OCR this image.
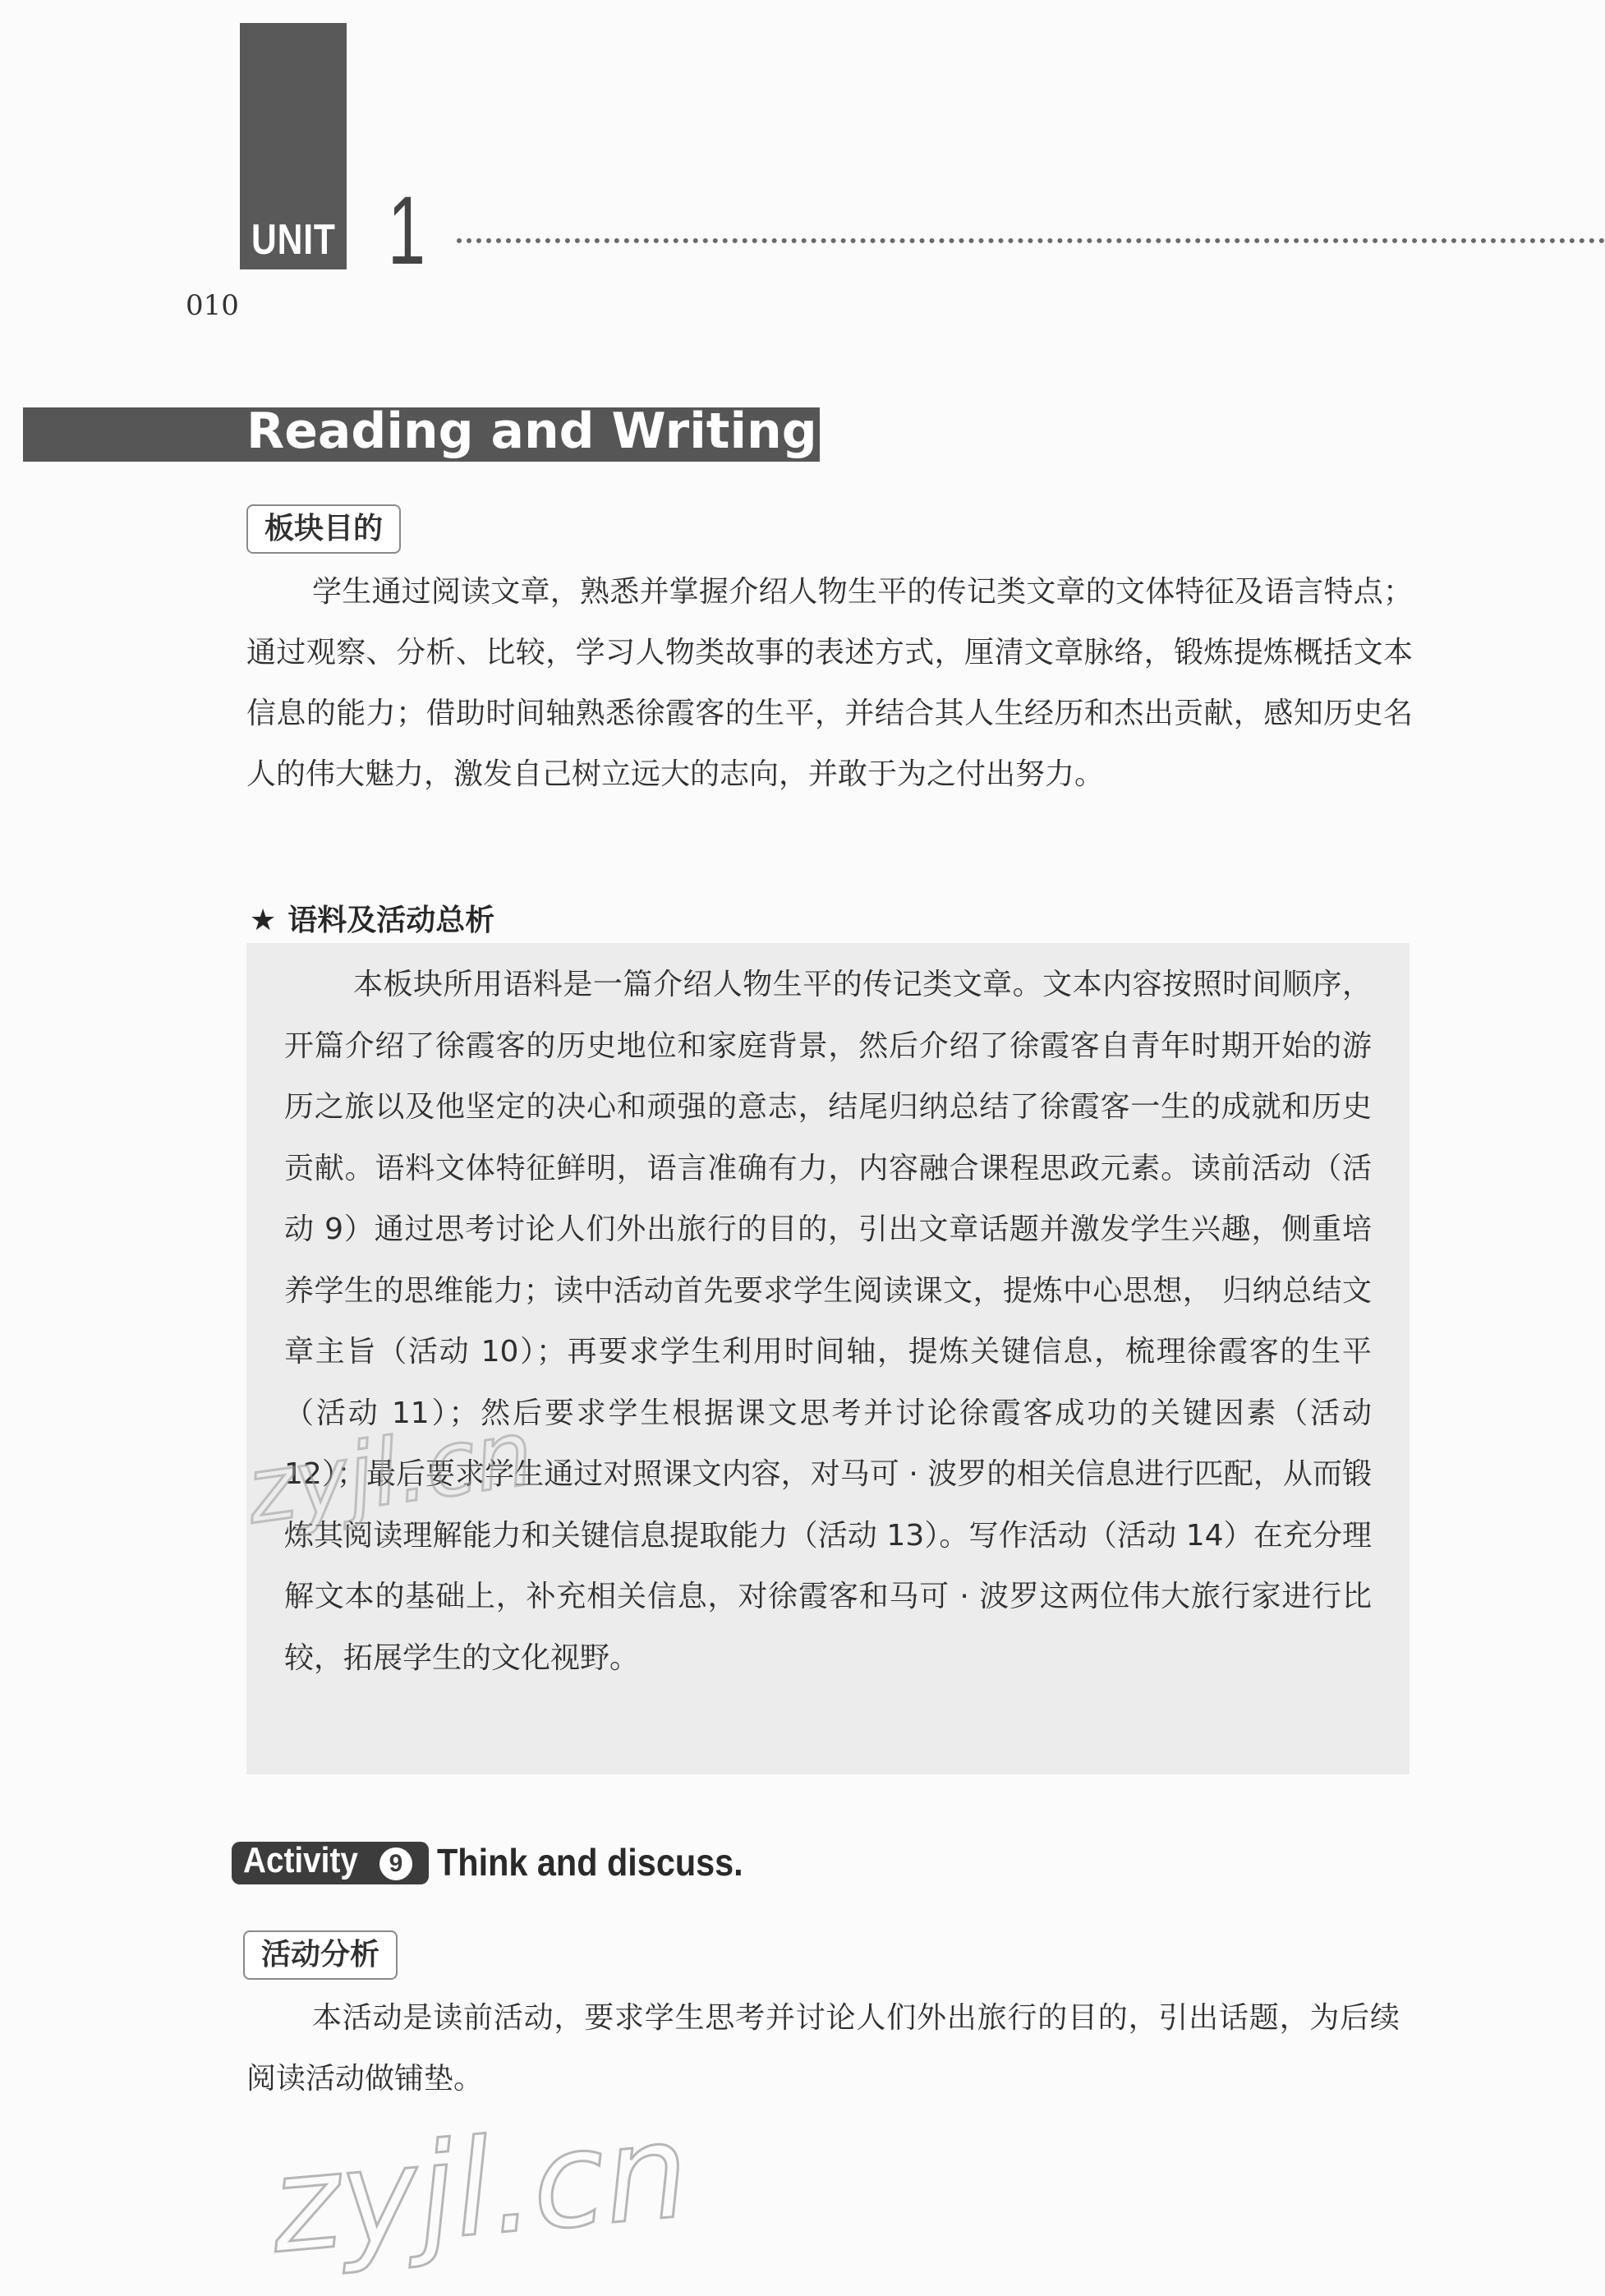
UNIT 1
010
Reading and Writing
板块目的
学生通过阅读文章，熟悉并掌握介绍人物生平的传记类文章的文体特征及语言特点；通过观察、分析、比较，学习人物类故事的表述方式，厘清文章脉络，锻炼提炼概括文本信息的能力；借助时间轴熟悉徐霞客的生平，并结合其人生经历和杰出贡献，感知历史名人的伟大魅力，激发自己树立远大的志向，并敢于为之付出努力。
★ 语料及活动总析
本板块所用语料是一篇介绍人物生平的传记类文章。文本内容按照时间顺序，开篇介绍了徐霞客的历史地位和家庭背景，然后介绍了徐霞客自青年时期开始的游历之旅以及他坚定的决心和顽强的意志，结尾归纳总结了徐霞客一生的成就和历史贡献。语料文体特征鲜明，语言准确有力，内容融合课程思政元素。读前活动（活动 9）通过思考讨论人们外出旅行的目的，引出文章话题并激发学生兴趣，侧重培养学生的思维能力；读中活动首先要求学生阅读课文，提炼中心思想， 归纳总结文章主旨（活动 10）；再要求学生利用时间轴，提炼关键信息，梳理徐霞客的生平（活动 11）；然后要求学生根据课文思考并讨论徐霞客成功的关键因素（活动 12）；最后要求学生通过对照课文内容，对马可 · 波罗的相关信息进行匹配，从而锻炼其阅读理解能力和关键信息提取能力（活动 13）。写作活动（活动 14）在充分理解文本的基础上，补充相关信息，对徐霞客和马可 · 波罗这两位伟大旅行家进行比较，拓展学生的文化视野。
Activity	9 Think and discuss.
活动分析
本活动是读前活动，要求学生思考并讨论人们外出旅行的目的，引出话题，为后续阅读活动做铺垫。
zyjl.cn
zyjl.cn
